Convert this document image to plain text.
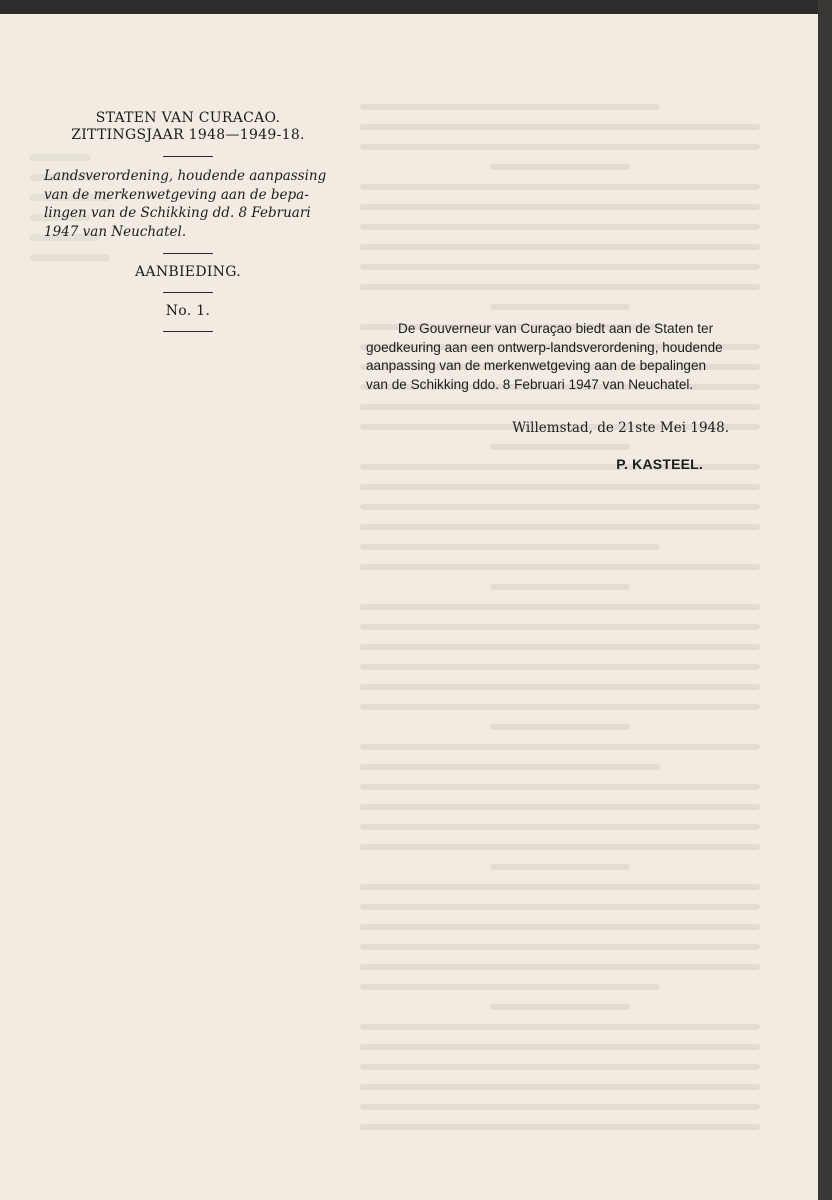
STATEN VAN CURACAO.
ZITTINGSJAAR 1948—1949-18.
Landsverordening, houdende aanpassing
van de merkenwetgeving aan de bepa-
lingen van de Schikking dd. 8 Februari
1947 van Neuchatel.
AANBIEDING.
No. 1.
De Gouverneur van Curaçao biedt aan de Staten ter
goedkeuring aan een ontwerp-landsverordening, houdende
aanpassing van de merkenwetgeving aan de bepalingen
van de Schikking ddo. 8 Februari 1947 van Neuchatel.
Willemstad, de 21ste Mei 1948.
P. KASTEEL.
